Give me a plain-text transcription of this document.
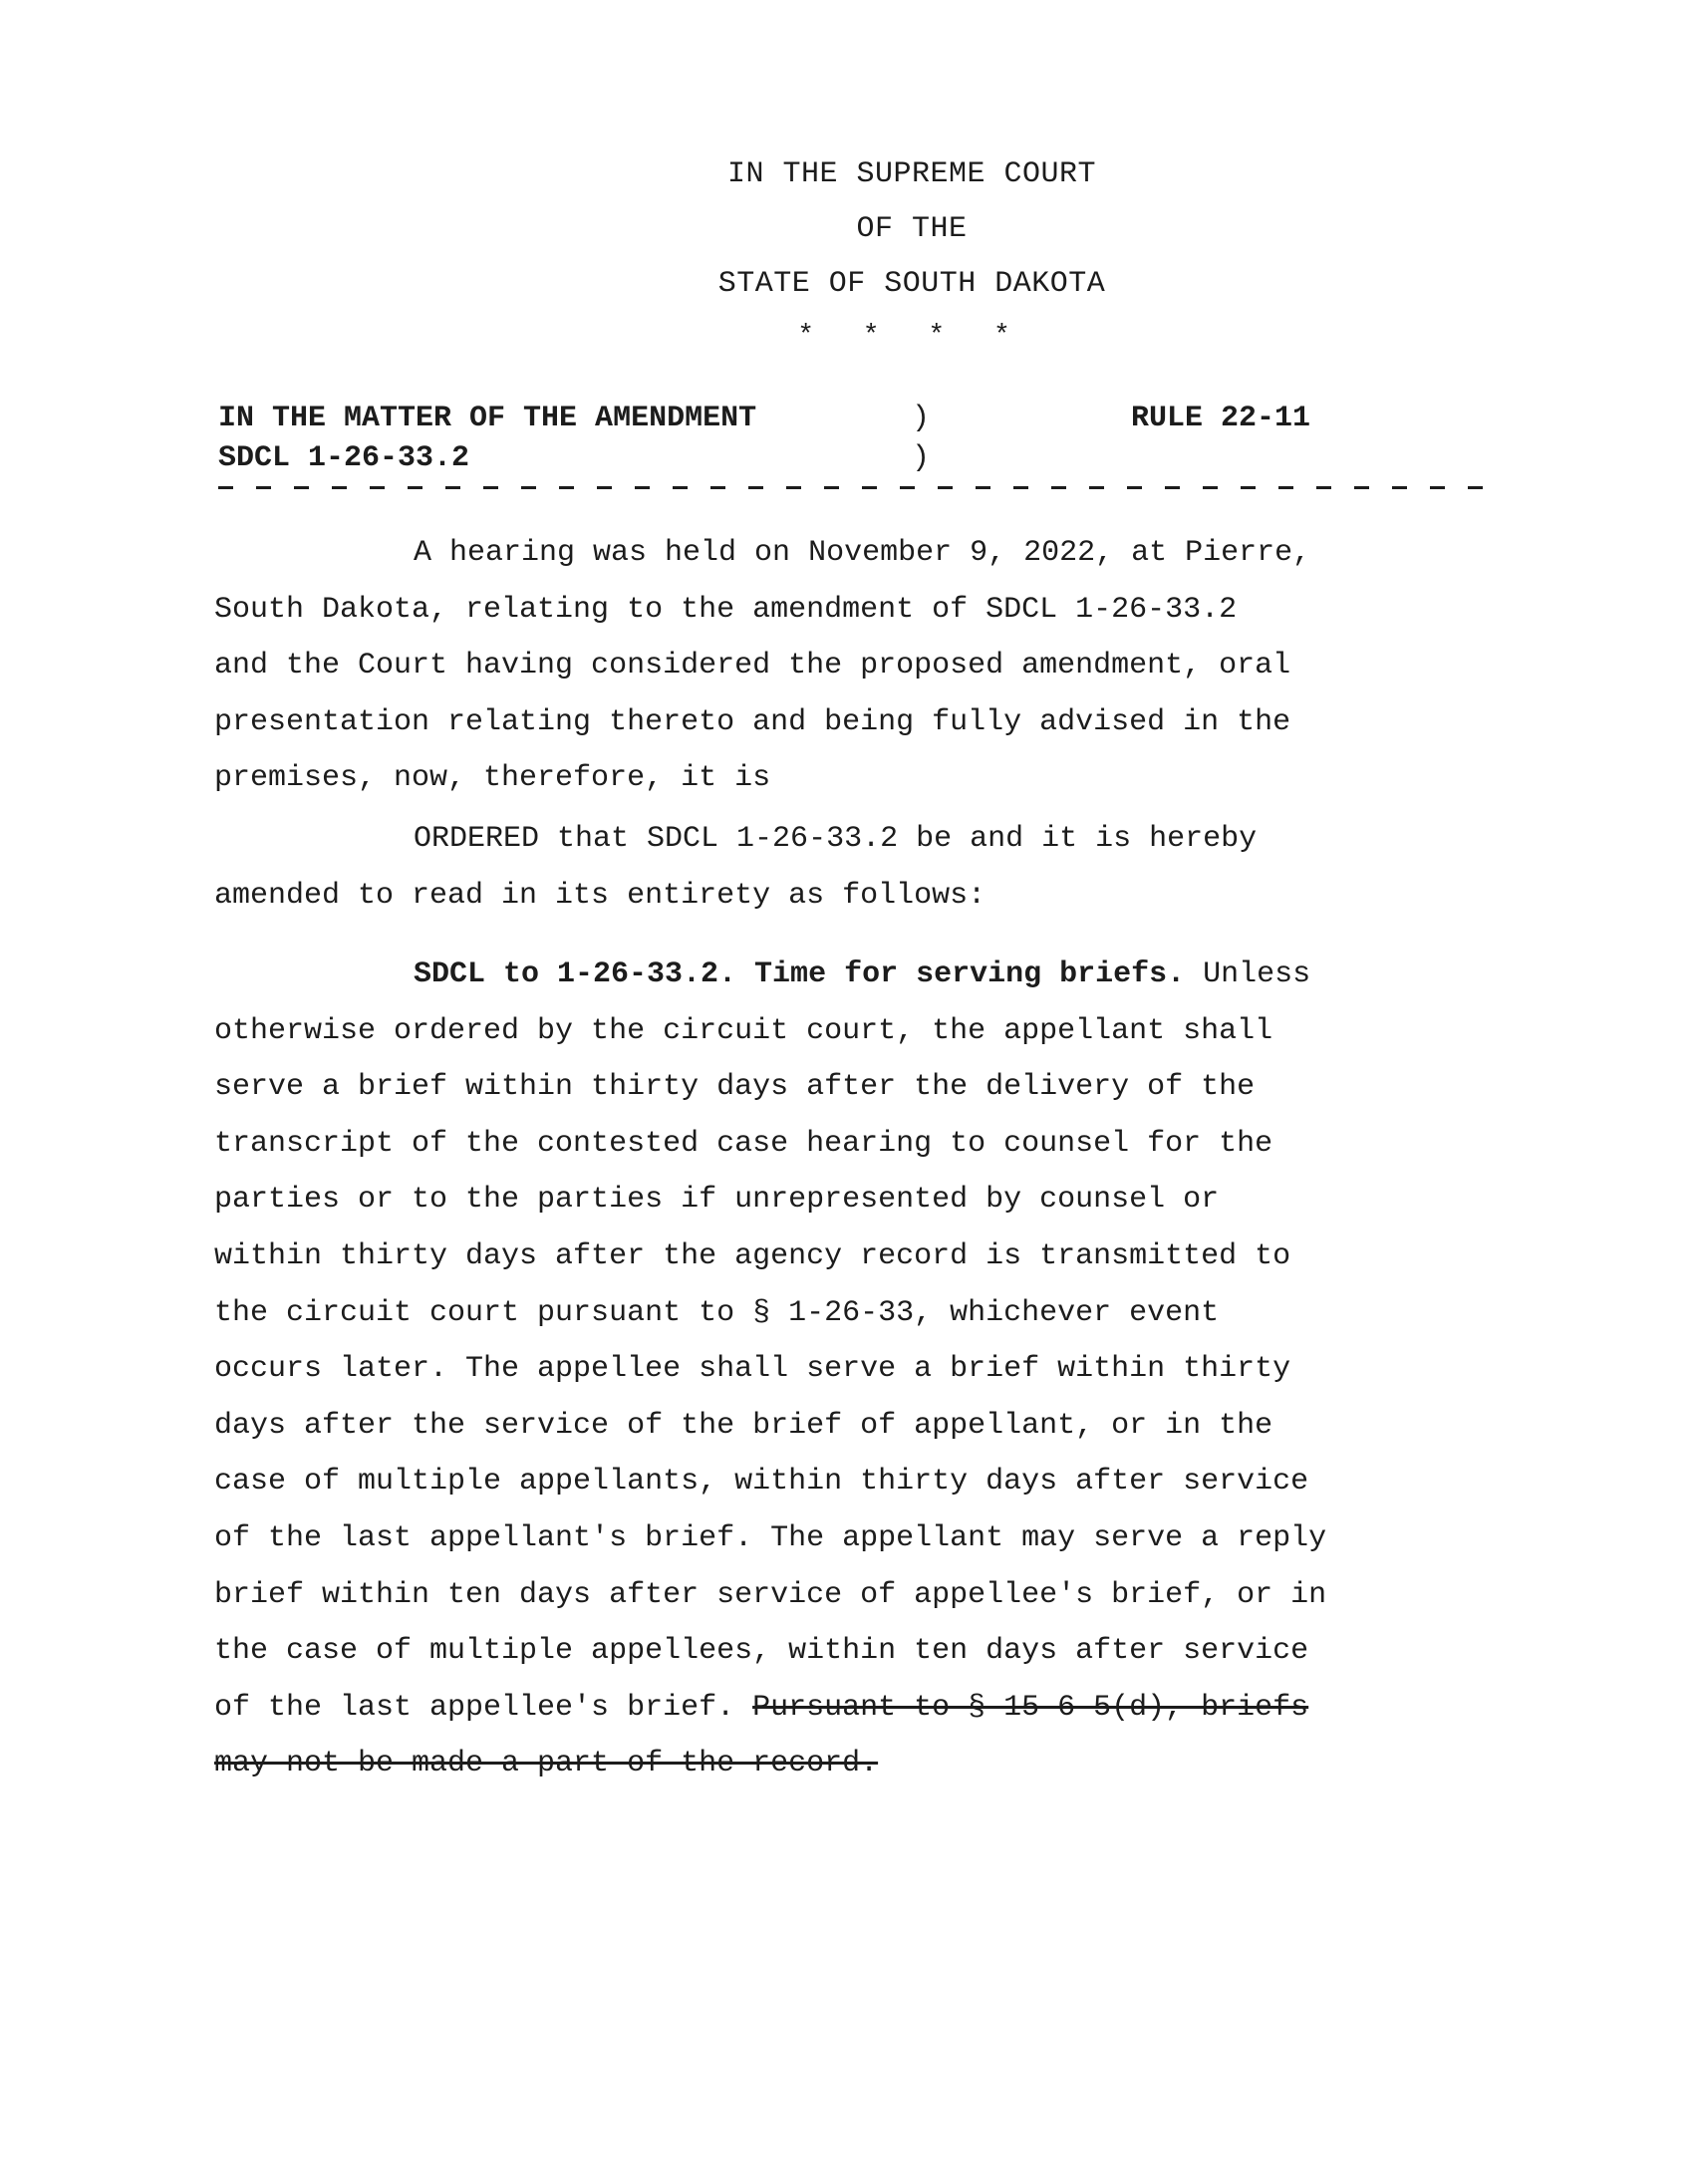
IN THE SUPREME COURT
OF THE
STATE OF SOUTH DAKOTA
* * * *
IN THE MATTER OF THE AMENDMENT
SDCL 1-26-33.2
)
)
RULE 22-11
A hearing was held on November 9, 2022, at Pierre,
South Dakota, relating to the amendment of SDCL 1-26-33.2
and the Court having considered the proposed amendment, oral
presentation relating thereto and being fully advised in the
premises, now, therefore, it is
ORDERED that SDCL 1-26-33.2 be and it is hereby
amended to read in its entirety as follows:
SDCL to 1-26-33.2. Time for serving briefs. Unless
otherwise ordered by the circuit court, the appellant shall
serve a brief within thirty days after the delivery of the
transcript of the contested case hearing to counsel for the
parties or to the parties if unrepresented by counsel or
within thirty days after the agency record is transmitted to
the circuit court pursuant to § 1-26-33, whichever event
occurs later. The appellee shall serve a brief within thirty
days after the service of the brief of appellant, or in the
case of multiple appellants, within thirty days after service
of the last appellant's brief. The appellant may serve a reply
brief within ten days after service of appellee's brief, or in
the case of multiple appellees, within ten days after service
of the last appellee's brief. Pursuant to § 15-6-5(d), briefs
may not be made a part of the record.
